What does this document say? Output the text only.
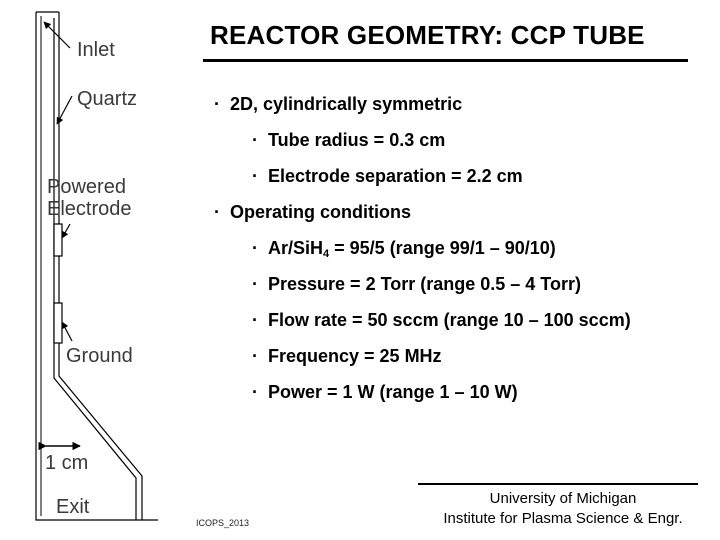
Inlet
Quartz
Powered
Electrode
Ground
1 cm
Exit
REACTOR GEOMETRY: CCP TUBE
· 2D, cylindrically symmetric
· Tube radius = 0.3 cm
· Electrode separation = 2.2 cm
· Operating conditions
· Ar/SiH$_4$ = 95/5 (range 99/1 – 90/10)
· Pressure = 2 Torr (range 0.5 – 4 Torr)
· Flow rate = 50 sccm (range 10 – 100 sccm)
· Frequency = 25 MHz
· Power = 1 W (range 1 – 10 W)
University of Michigan
Institute for Plasma Science & Engr.
ICOPS_2013
